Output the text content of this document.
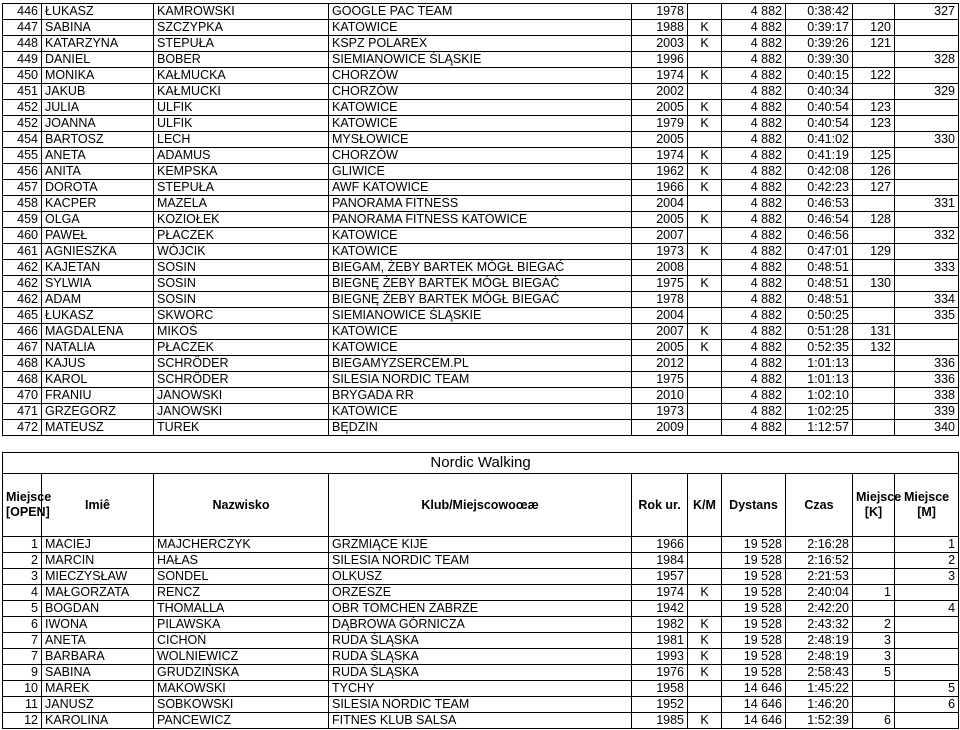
446	ŁUKASZ	KAMROWSKI	GOOGLE PAC TEAM	1978		4 882	0:38:42		327
447	SABINA	SZCZYPKA	KATOWICE	1988	K	4 882	0:39:17	120	
448	KATARZYNA	STEPUŁA	KSPZ POLAREX	2003	K	4 882	0:39:26	121	
449	DANIEL	BOBER	SIEMIANOWICE ŚLĄSKIE	1996		4 882	0:39:30		328
450	MONIKA	KAŁMUCKA	CHORZÓW	1974	K	4 882	0:40:15	122	
451	JAKUB	KAŁMUCKI	CHORZÓW	2002		4 882	0:40:34		329
452	JULIA	ULFIK	KATOWICE	2005	K	4 882	0:40:54	123	
452	JOANNA	ULFIK	KATOWICE	1979	K	4 882	0:40:54	123	
454	BARTOSZ	LECH	MYSŁOWICE	2005		4 882	0:41:02		330
455	ANETA	ADAMUS	CHORZÓW	1974	K	4 882	0:41:19	125	
456	ANITA	KEMPSKA	GLIWICE	1962	K	4 882	0:42:08	126	
457	DOROTA	STEPUŁA	AWF KATOWICE	1966	K	4 882	0:42:23	127	
458	KACPER	MAZELA	PANORAMA FITNESS	2004		4 882	0:46:53		331
459	OLGA	KOZIOŁEK	PANORAMA FITNESS KATOWICE	2005	K	4 882	0:46:54	128	
460	PAWEŁ	PŁACZEK	KATOWICE	2007		4 882	0:46:56		332
461	AGNIESZKA	WÓJCIK	KATOWICE	1973	K	4 882	0:47:01	129	
462	KAJETAN	SOSIN	BIEGAM, ŻEBY BARTEK MÓGŁ BIEGAĆ	2008		4 882	0:48:51		333
462	SYLWIA	SOSIN	BIEGNĘ ŻEBY BARTEK MÓGŁ BIEGAĆ	1975	K	4 882	0:48:51	130	
462	ADAM	SOSIN	BIEGNĘ ŻEBY BARTEK MÓGŁ BIEGAĆ	1978		4 882	0:48:51		334
465	ŁUKASZ	SKWORC	SIEMIANOWICE ŚLĄSKIE	2004		4 882	0:50:25		335
466	MAGDALENA	MIKOŚ	KATOWICE	2007	K	4 882	0:51:28	131	
467	NATALIA	PŁACZEK	KATOWICE	2005	K	4 882	0:52:35	132	
468	KAJUS	SCHRÖDER	BIEGAMYZSERCEM.PL	2012		4 882	1:01:13		336
468	KAROL	SCHRÖDER	SILESIA NORDIC TEAM	1975		4 882	1:01:13		336
470	FRANIU	JANOWSKI	BRYGADA RR	2010		4 882	1:02:10		338
471	GRZEGORZ	JANOWSKI	KATOWICE	1973		4 882	1:02:25		339
472	MATEUSZ	TUREK	BĘDZIN	2009		4 882	1:12:57		340
Nordic Walking									
Miejsce [OPEN]	Imiê	Nazwisko	Klub/Miejscowoœæ	Rok ur.	K/M	Dystans	Czas	Miejsce [K]	Miejsce [M]
1	MACIEJ	MAJCHERCZYK	GRZMIĄCE KIJE	1966		19 528	2:16:28		1
2	MARCIN	HAŁAS	SILESIA NORDIC TEAM	1984		19 528	2:16:52		2
3	MIECZYSŁAW	SONDEL	OLKUSZ	1957		19 528	2:21:53		3
4	MAŁGORZATA	RENCZ	ORZESZE	1974	K	19 528	2:40:04	1	
5	BOGDAN	THOMALLA	OBR TOMCHEN ZABRZE	1942		19 528	2:42:20		4
6	IWONA	PILAWSKA	DĄBROWA GÓRNICZA	1982	K	19 528	2:43:32	2	
7	ANETA	CICHOŃ	RUDA ŚLĄSKA	1981	K	19 528	2:48:19	3	
7	BARBARA	WOLNIEWICZ	RUDA ŚLĄSKA	1993	K	19 528	2:48:19	3	
9	SABINA	GRUDZIŃSKA	RUDA ŚLĄSKA	1976	K	19 528	2:58:43	5	
10	MAREK	MAKOWSKI	TYCHY	1958		14 646	1:45:22		5
11	JANUSZ	SOBKOWSKI	SILESIA NORDIC TEAM	1952		14 646	1:46:20		6
12	KAROLINA	PANCEWICZ	FITNES KLUB SALSA	1985	K	14 646	1:52:39	6	
